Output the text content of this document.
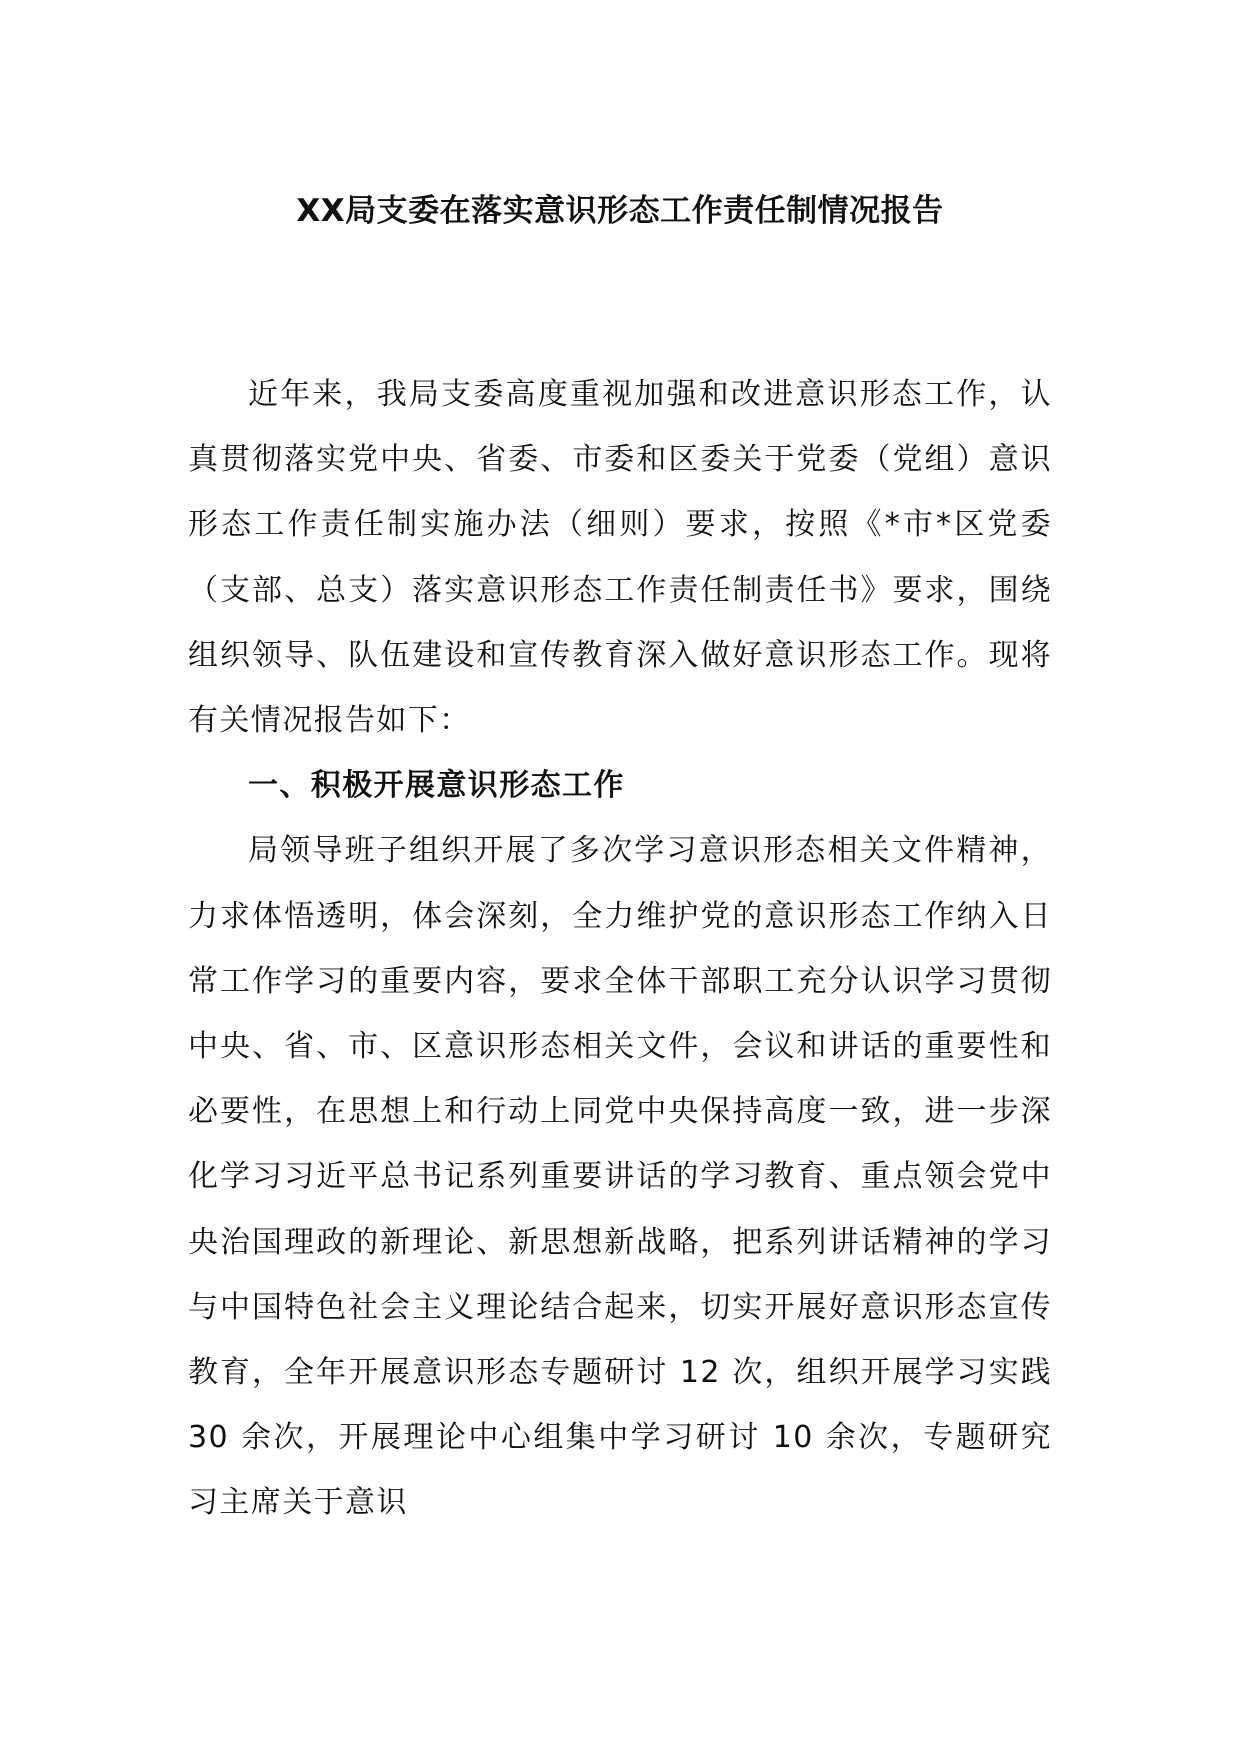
XX局支委在落实意识形态工作责任制情况报告

近年来，我局支委高度重视加强和改进意识形态工作，认真贯彻落实党中央、省委、市委和区委关于党委（党组）意识形态工作责任制实施办法（细则）要求，按照《*市*区党委（支部、总支）落实意识形态工作责任制责任书》要求，围绕组织领导、队伍建设和宣传教育深入做好意识形态工作。现将有关情况报告如下：

一、积极开展意识形态工作

局领导班子组织开展了多次学习意识形态相关文件精神，力求体悟透明，体会深刻，全力维护党的意识形态工作纳入日常工作学习的重要内容，要求全体干部职工充分认识学习贯彻中央、省、市、区意识形态相关文件，会议和讲话的重要性和必要性，在思想上和行动上同党中央保持高度一致，进一步深化学习习近平总书记系列重要讲话的学习教育、重点领会党中央治国理政的新理论、新思想新战略，把系列讲话精神的学习与中国特色社会主义理论结合起来，切实开展好意识形态宣传教育，全年开展意识形态专题研讨 12 次，组织开展学习实践 30 余次，开展理论中心组集中学习研讨 10 余次，专题研究习主席关于意识
